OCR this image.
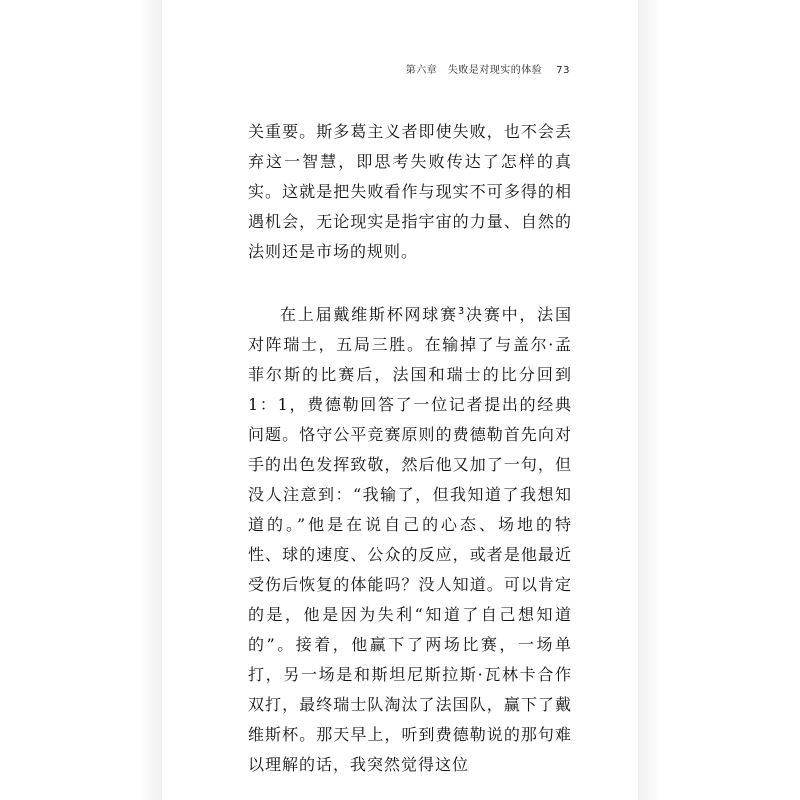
第六章　失败是对现实的体验 73

关重要。斯多葛主义者即使失败，也不会丢弃这一智慧，即思考失败传达了怎样的真实。这就是把失败看作与现实不可多得的相遇机会，无论现实是指宇宙的力量、自然的法则还是市场的规则。

在上届戴维斯杯网球赛$^3$决赛中，法国对阵瑞士，五局三胜。在输掉了与盖尔·孟菲尔斯的比赛后，法国和瑞士的比分回到 1：1，费德勒回答了一位记者提出的经典问题。恪守公平竞赛原则的费德勒首先向对手的出色发挥致敬，然后他又加了一句，但没人注意到：“我输了，但我知道了我想知道的。”他是在说自己的心态、场地的特性、球的速度、公众的反应，或者是他最近受伤后恢复的体能吗？没人知道。可以肯定的是，他是因为失利“知道了自己想知道的”。接着，他赢下了两场比赛，一场单打，另一场是和斯坦尼斯拉斯·瓦林卡合作双打，最终瑞士队淘汰了法国队，赢下了戴维斯杯。那天早上，听到费德勒说的那句难以理解的话，我突然觉得这位
